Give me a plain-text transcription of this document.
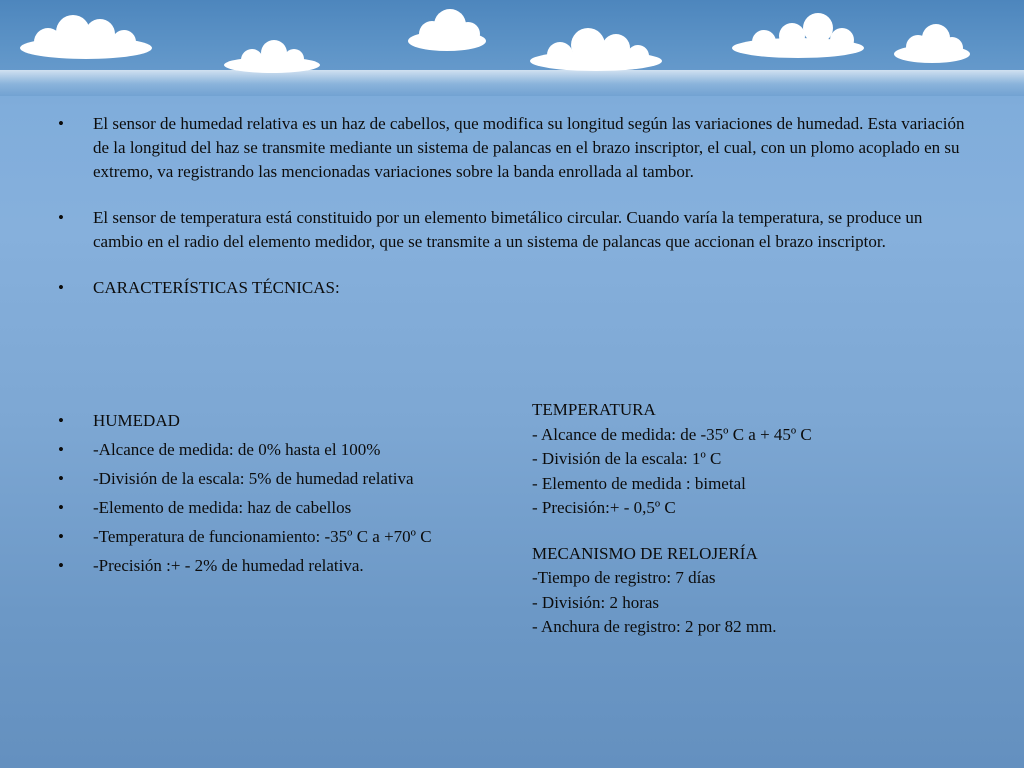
• El sensor de humedad relativa es un haz de cabellos, que modifica su longitud según las variaciones de humedad. Esta variación de la longitud del haz se transmite mediante un sistema de palancas en el brazo inscriptor, el cual, con un plomo acoplado en su extremo, va registrando las mencionadas variaciones sobre la banda enrollada al tambor.
• El sensor de temperatura está constituido por un elemento bimetálico circular. Cuando varía la temperatura, se produce un cambio en el radio del elemento medidor, que se transmite a un sistema de palancas que accionan el brazo inscriptor.
• CARACTERÍSTICAS TÉCNICAS:
• HUMEDAD
• -Alcance de medida: de 0% hasta el 100%
• -División de la escala: 5% de humedad relativa
• -Elemento de medida: haz de cabellos
• -Temperatura de funcionamiento: -35º C a +70º C
• -Precisión :+ - 2% de humedad relativa.

TEMPERATURA

- Alcance de medida: de -35º C a + 45º C

- División de la escala: 1º C

- Elemento de medida : bimetal

- Precisión:+ - 0,5º C

MECANISMO DE RELOJERÍA

-Tiempo de registro: 7 días

- División: 2 horas

- Anchura de registro: 2 por 82 mm.
